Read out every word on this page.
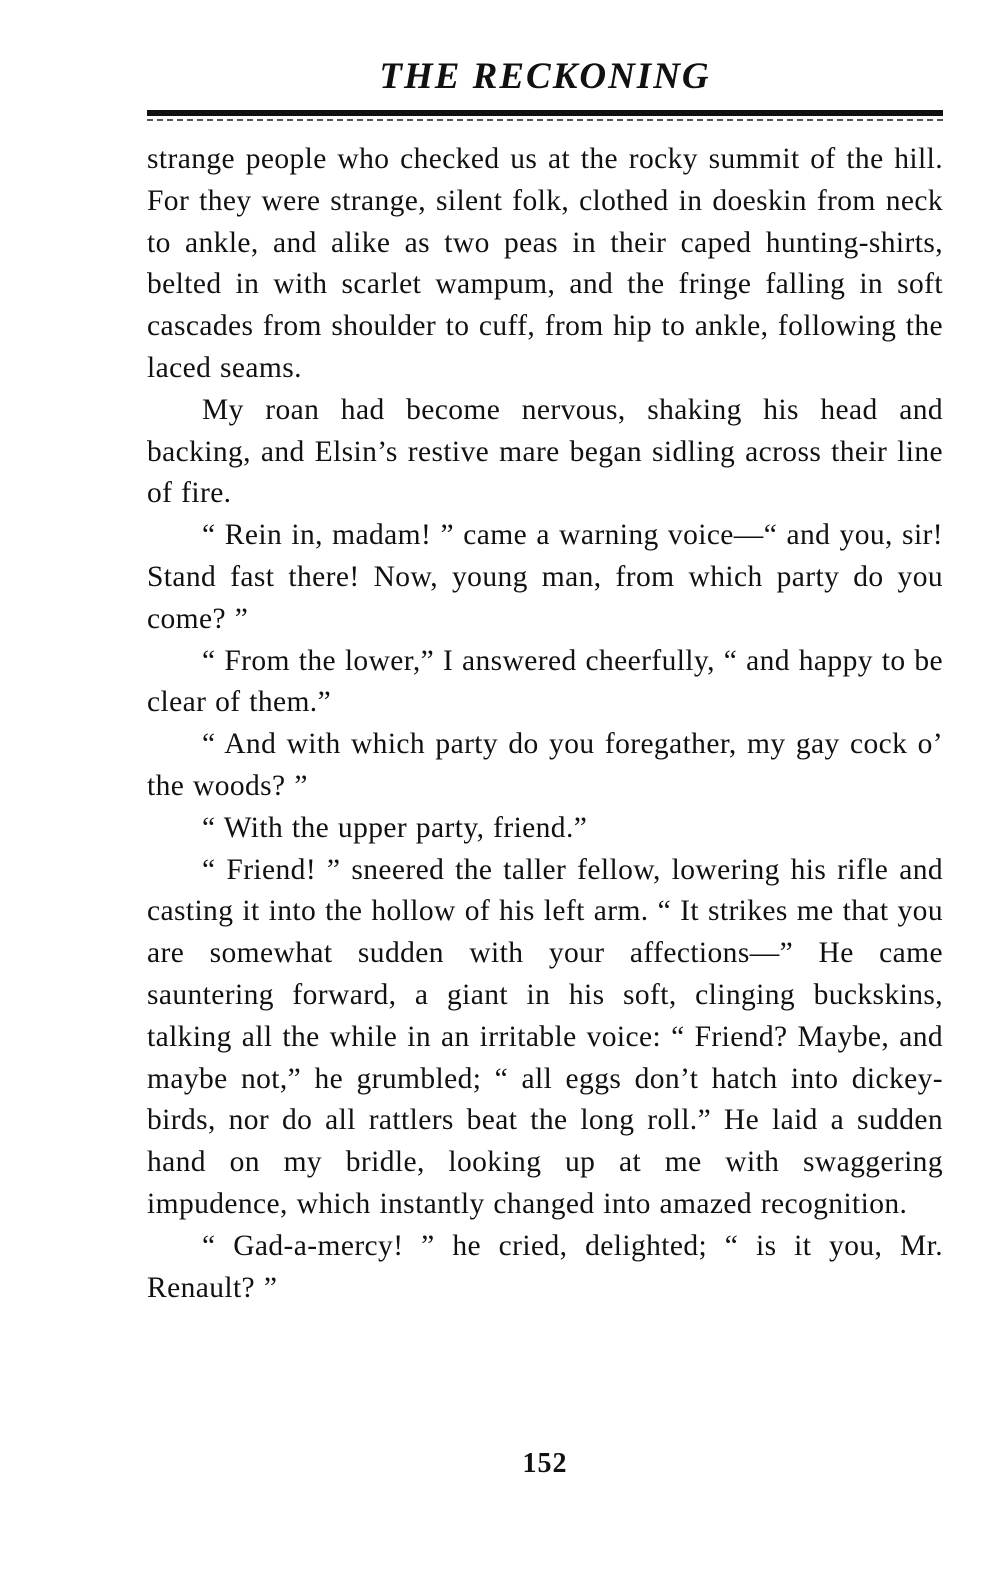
THE RECKONING

strange people who checked us at the rocky summit of the hill. For they were strange, silent folk, clothed in doeskin from neck to ankle, and alike as two peas in their caped hunting-shirts, belted in with scarlet wampum, and the fringe falling in soft cascades from shoulder to cuff, from hip to ankle, following the laced seams.

My roan had become nervous, shaking his head and backing, and Elsin’s restive mare began sidling across their line of fire.

“ Rein in, madam! ” came a warning voice—“ and you, sir! Stand fast there! Now, young man, from which party do you come? ”

“ From the lower,” I answered cheerfully, “ and happy to be clear of them.”

“ And with which party do you foregather, my gay cock o’ the woods? ”

“ With the upper party, friend.”

“ Friend! ” sneered the taller fellow, lowering his rifle and casting it into the hollow of his left arm. “ It strikes me that you are somewhat sudden with your affections—” He came sauntering forward, a giant in his soft, clinging buckskins, talking all the while in an irritable voice: “ Friend? Maybe, and maybe not,” he grumbled; “ all eggs don’t hatch into dickey-birds, nor do all rattlers beat the long roll.” He laid a sudden hand on my bridle, looking up at me with swaggering impudence, which instantly changed into amazed recognition.

“ Gad-a-mercy! ” he cried, delighted; “ is it you, Mr. Renault? ”

152
